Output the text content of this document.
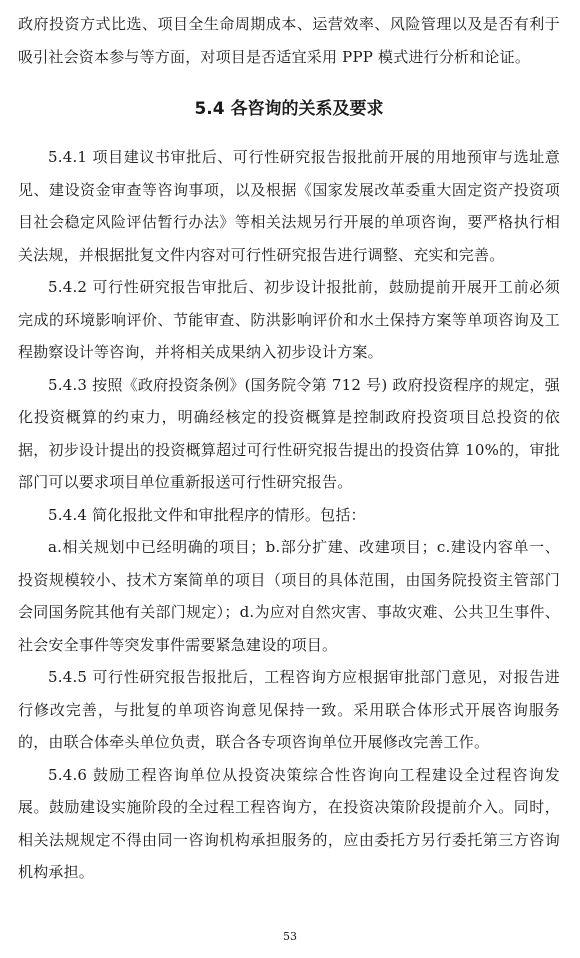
政府投资方式比选、项目全生命周期成本、运营效率、风险管理以及是否有利于吸引社会资本参与等方面，对项目是否适宜采用 PPP 模式进行分析和论证。

5.4 各咨询的关系及要求

5.4.1 项目建议书审批后、可行性研究报告报批前开展的用地预审与选址意见、建设资金审查等咨询事项，以及根据《国家发展改革委重大固定资产投资项目社会稳定风险评估暂行办法》等相关法规另行开展的单项咨询，要严格执行相关法规，并根据批复文件内容对可行性研究报告进行调整、充实和完善。

5.4.2 可行性研究报告审批后、初步设计报批前，鼓励提前开展开工前必须完成的环境影响评价、节能审查、防洪影响评价和水土保持方案等单项咨询及工程勘察设计等咨询，并将相关成果纳入初步设计方案。

5.4.3 按照《政府投资条例》(国务院令第 712 号) 政府投资程序的规定，强化投资概算的约束力，明确经核定的投资概算是控制政府投资项目总投资的依据，初步设计提出的投资概算超过可行性研究报告提出的投资估算 10%的，审批部门可以要求项目单位重新报送可行性研究报告。

5.4.4 简化报批文件和审批程序的情形。包括：

a.相关规划中已经明确的项目；b.部分扩建、改建项目；c.建设内容单一、投资规模较小、技术方案简单的项目（项目的具体范围，由国务院投资主管部门会同国务院其他有关部门规定）；d.为应对自然灾害、事故灾难、公共卫生事件、社会安全事件等突发事件需要紧急建设的项目。

5.4.5 可行性研究报告报批后，工程咨询方应根据审批部门意见，对报告进行修改完善，与批复的单项咨询意见保持一致。采用联合体形式开展咨询服务的，由联合体牵头单位负责，联合各专项咨询单位开展修改完善工作。

5.4.6 鼓励工程咨询单位从投资决策综合性咨询向工程建设全过程咨询发展。鼓励建设实施阶段的全过程工程咨询方，在投资决策阶段提前介入。同时，相关法规规定不得由同一咨询机构承担服务的，应由委托方另行委托第三方咨询机构承担。

53
